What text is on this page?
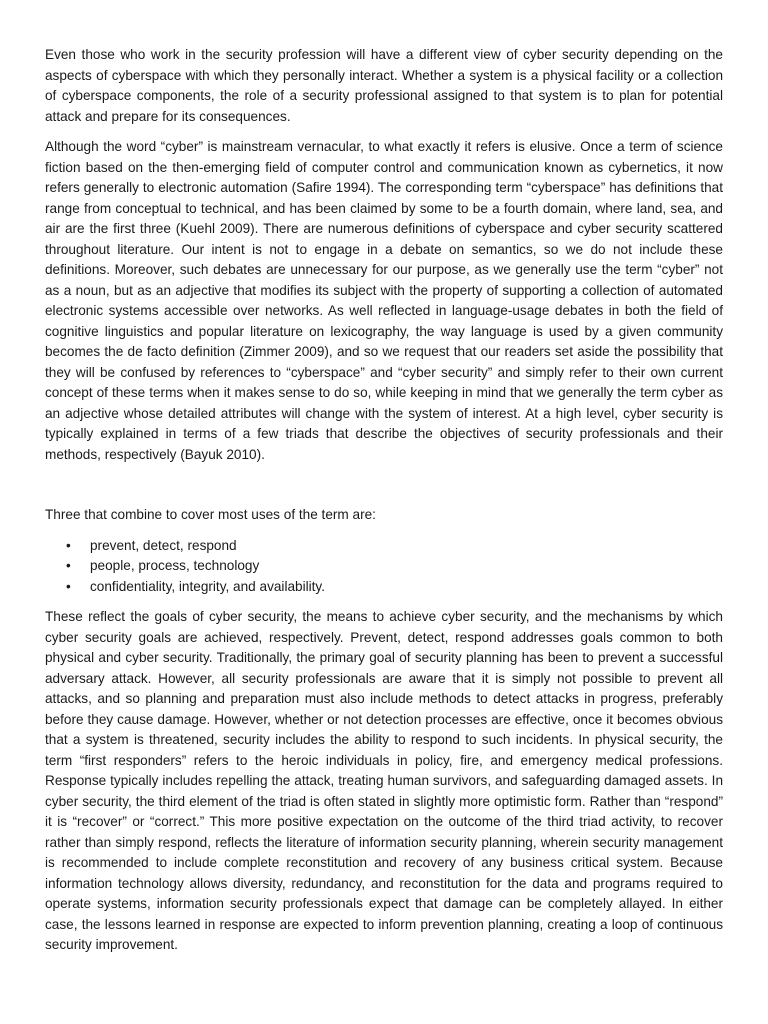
Even those who work in the security profession will have a different view of cyber security depending on the aspects of cyberspace with which they personally interact. Whether a system is a physical facility or a collection of cyberspace components, the role of a security professional assigned to that system is to plan for potential attack and prepare for its consequences.

Although the word “cyber” is mainstream vernacular, to what exactly it refers is elusive. Once a term of science fiction based on the then-emerging field of computer control and communication known as cybernetics, it now refers generally to electronic automation (Safire 1994). The corresponding term “cyberspace” has definitions that range from conceptual to technical, and has been claimed by some to be a fourth domain, where land, sea, and air are the first three (Kuehl 2009). There are numerous definitions of cyberspace and cyber security scattered throughout literature. Our intent is not to engage in a debate on semantics, so we do not include these definitions. Moreover, such debates are unnecessary for our purpose, as we generally use the term “cyber” not as a noun, but as an adjective that modifies its subject with the property of supporting a collection of automated electronic systems accessible over networks. As well reflected in language-usage debates in both the field of cognitive linguistics and popular literature on lexicography, the way language is used by a given community becomes the de facto definition (Zimmer 2009), and so we request that our readers set aside the possibility that they will be confused by references to “cyberspace” and “cyber security” and simply refer to their own current concept of these terms when it makes sense to do so, while keeping in mind that we generally the term cyber as an adjective whose detailed attributes will change with the system of interest. At a high level, cyber security is typically explained in terms of a few triads that describe the objectives of security professionals and their methods, respectively (Bayuk 2010).

Three that combine to cover most uses of the term are:

• prevent, detect, respond
• people, process, technology
• confidentiality, integrity, and availability.

These reflect the goals of cyber security, the means to achieve cyber security, and the mechanisms by which cyber security goals are achieved, respectively. Prevent, detect, respond addresses goals common to both physical and cyber security. Traditionally, the primary goal of security planning has been to prevent a successful adversary attack. However, all security professionals are aware that it is simply not possible to prevent all attacks, and so planning and preparation must also include methods to detect attacks in progress, preferably before they cause damage. However, whether or not detection processes are effective, once it becomes obvious that a system is threatened, security includes the ability to respond to such incidents. In physical security, the term “first responders” refers to the heroic individuals in policy, fire, and emergency medical professions. Response typically includes repelling the attack, treating human survivors, and safeguarding damaged assets. In cyber security, the third element of the triad is often stated in slightly more optimistic form. Rather than “respond” it is “recover” or “correct.” This more positive expectation on the outcome of the third triad activity, to recover rather than simply respond, reflects the literature of information security planning, wherein security management is recommended to include complete reconstitution and recovery of any business critical system. Because information technology allows diversity, redundancy, and reconstitution for the data and programs required to operate systems, information security professionals expect that damage can be completely allayed. In either case, the lessons learned in response are expected to inform prevention planning, creating a loop of continuous security improvement.
